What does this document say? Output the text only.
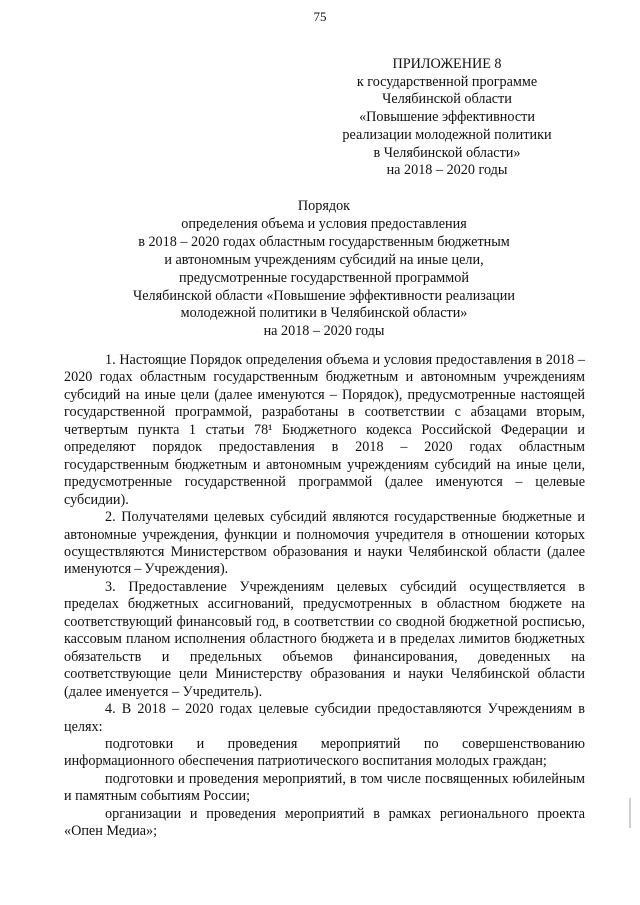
75
ПРИЛОЖЕНИЕ 8
к государственной программе
Челябинской области
«Повышение эффективности
реализации молодежной политики
в Челябинской области»
на 2018 – 2020 годы
Порядок
определения объема и условия предоставления
в 2018 – 2020 годах областным государственным бюджетным
и автономным учреждениям субсидий на иные цели,
предусмотренные государственной программой
Челябинской области «Повышение эффективности реализации
молодежной политики в Челябинской области»
на 2018 – 2020 годы

1. Настоящие Порядок определения объема и условия предоставления в 2018 – 2020 годах областным государственным бюджетным и автономным учреждениям субсидий на иные цели (далее именуются – Порядок), предусмотренные настоящей государственной программой, разработаны в соответствии с абзацами вторым, четвертым пункта 1 статьи 78¹ Бюджетного кодекса Российской Федерации и определяют порядок предоставления в 2018 – 2020 годах областным государственным бюджетным и автономным учреждениям субсидий на иные цели, предусмотренные государственной программой (далее именуются – целевые субсидии).

2. Получателями целевых субсидий являются государственные бюджетные и автономные учреждения, функции и полномочия учредителя в отношении которых осуществляются Министерством образования и науки Челябинской области (далее именуются – Учреждения).

3. Предоставление Учреждениям целевых субсидий осуществляется в пределах бюджетных ассигнований, предусмотренных в областном бюджете на соответствующий финансовый год, в соответствии со сводной бюджетной росписью, кассовым планом исполнения областного бюджета и в пределах лимитов бюджетных обязательств и предельных объемов финансирования, доведенных на соответствующие цели Министерству образования и науки Челябинской области (далее именуется – Учредитель).

4. В 2018 – 2020 годах целевые субсидии предоставляются Учреждениям в целях:

подготовки и проведения мероприятий по совершенствованию информационного обеспечения патриотического воспитания молодых граждан;

подготовки и проведения мероприятий, в том числе посвященных юбилейным и памятным событиям России;

организации и проведения мероприятий в рамках регионального проекта «Опен Медиа»;
